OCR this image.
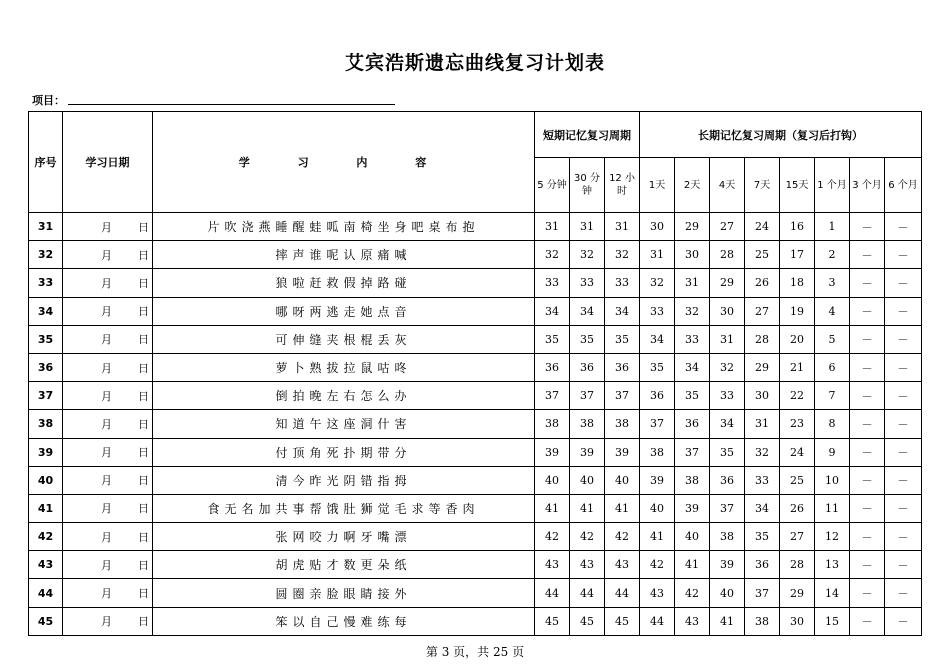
艾宾浩斯遗忘曲线复习计划表
项目：
序号	学习日期	学 习 内 容	短期记忆复习周期			长期记忆复习周期（复习后打钩）							
			5 分钟	30 分钟	12 小时	1天	2天	4天	7天	15天	1 个月	3 个月	6 个月
31	月 日	片吹浇燕睡醒蛙呱南椅坐身吧桌布抱	31	31	31	30	29	27	24	16	1	－	－
32	月 日	摔声谁呢认原痛喊	32	32	32	31	30	28	25	17	2	－	－
33	月 日	狼啦赶救假掉路碰	33	33	33	32	31	29	26	18	3	－	－
34	月 日	哪呀两逃走她点音	34	34	34	33	32	30	27	19	4	－	－
35	月 日	可伸缝夹根棍丢灰	35	35	35	34	33	31	28	20	5	－	－
36	月 日	萝卜熟拔拉鼠咕咚	36	36	36	35	34	32	29	21	6	－	－
37	月 日	倒拍晚左右怎么办	37	37	37	36	35	33	30	22	7	－	－
38	月 日	知道午这座洞什害	38	38	38	37	36	34	31	23	8	－	－
39	月 日	付顶角死扑期带分	39	39	39	38	37	35	32	24	9	－	－
40	月 日	清今昨光阴错指拇	40	40	40	39	38	36	33	25	10	－	－
41	月 日	食无名加共事帮饿肚狮觉毛求等香肉	41	41	41	40	39	37	34	26	11	－	－
42	月 日	张网咬力啊牙嘴漂	42	42	42	41	40	38	35	27	12	－	－
43	月 日	胡虎贴才数更朵纸	43	43	43	42	41	39	36	28	13	－	－
44	月 日	圆圈亲脸眼睛接外	44	44	44	43	42	40	37	29	14	－	－
45	月 日	笨以自己慢难练每	45	45	45	44	43	41	38	30	15	－	－
第 3 页，共 25 页
